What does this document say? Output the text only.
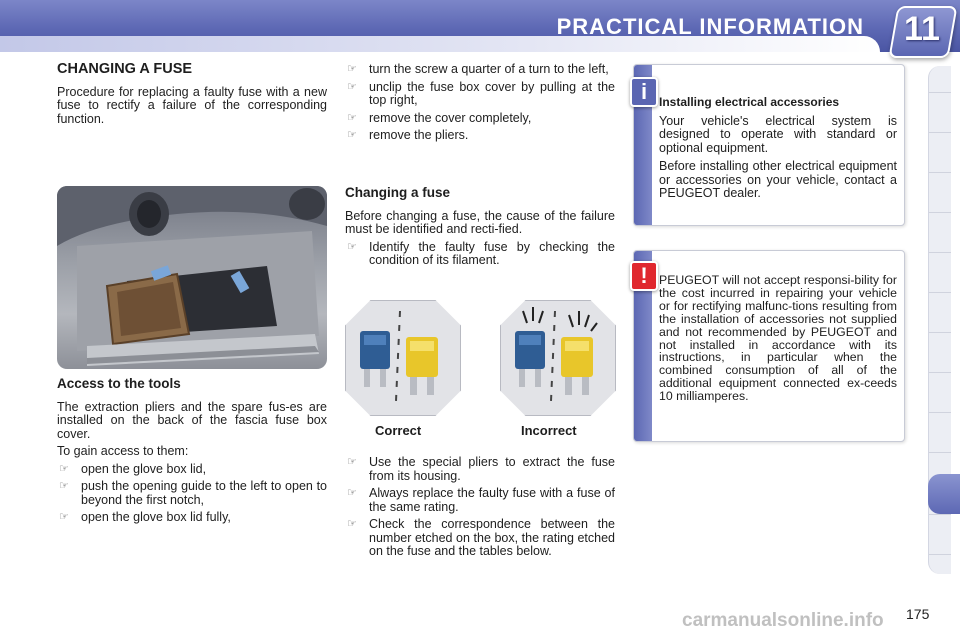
PRACTICAL INFORMATION 11
CHANGING A FUSE

Procedure for replacing a faulty fuse with a new fuse to rectify a failure of the corresponding function.

Access to the tools

The extraction pliers and the spare fus-es are installed on the back of the fascia fuse box cover.

To gain access to them:

☞ open the glove box lid,
☞ push the opening guide to the left to open to beyond the first notch,
☞ open the glove box lid fully,
☞ turn the screw a quarter of a turn to the left,
☞ unclip the fuse box cover by pulling at the top right,
☞ remove the cover completely,
☞ remove the pliers.
Changing a fuse

Before changing a fuse, the cause of the failure must be identified and recti-fied.

☞ Identify the faulty fuse by checking the condition of its filament.
Correct	Incorrect
☞ Use the special pliers to extract the fuse from its housing.
☞ Always replace the faulty fuse with a fuse of the same rating.
☞ Check the correspondence between the number etched on the box, the rating etched on the fuse and the tables below.
i Installing electrical accessories

Your vehicle's electrical system is designed to operate with standard or optional equipment.

Before installing other electrical equipment or accessories on your vehicle, contact a PEUGEOT dealer.

! PEUGEOT will not accept responsi-bility for the cost incurred in repairing your vehicle or for rectifying malfunc-tions resulting from the installation of accessories not supplied and not recommended by PEUGEOT and not installed in accordance with its instructions, in particular when the combined consumption of all of the additional equipment connected ex-ceeds 10 milliamperes.

175
carmanualsonline.info
